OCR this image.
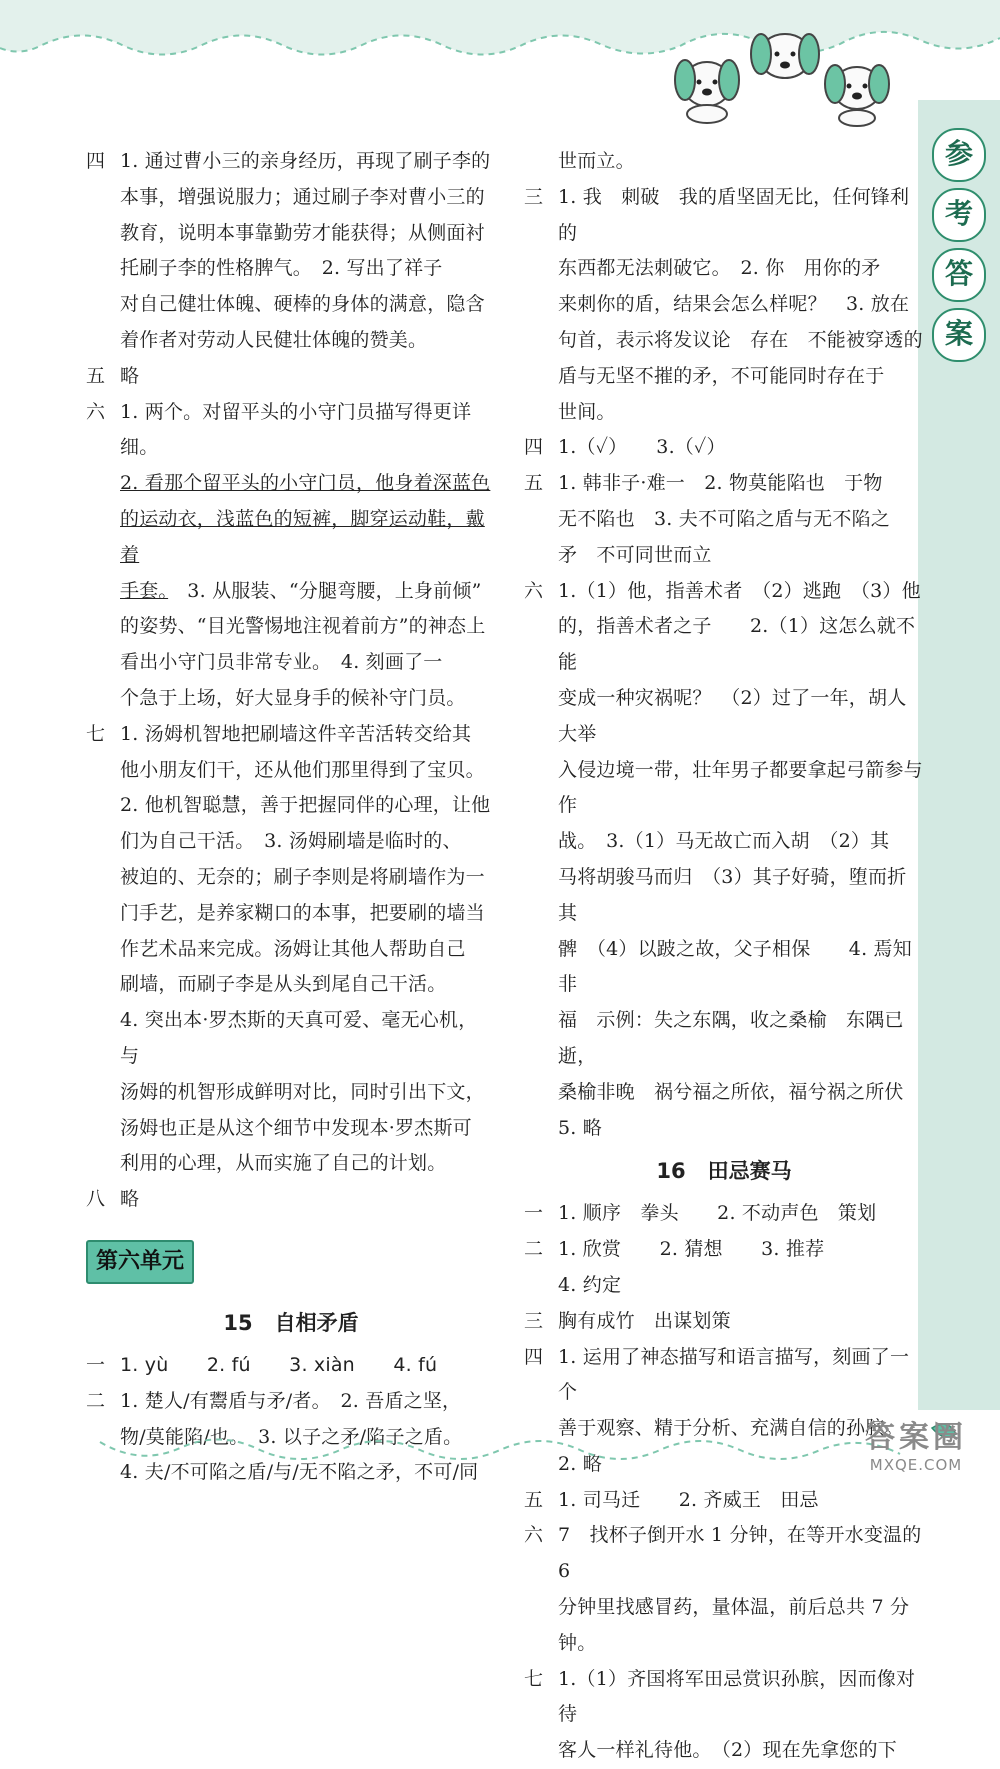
参
考
答
案
四 1. 通过曹小三的亲身经历，再现了刷子李的
本事，增强说服力；通过刷子李对曹小三的
教育，说明本事靠勤劳才能获得；从侧面衬
托刷子李的性格脾气。　2. 写出了祥子
对自己健壮体魄、硬棒的身体的满意，隐含
着作者对劳动人民健壮体魄的赞美。
五 略
六 1. 两个。对留平头的小守门员描写得更详细。
2. 看那个留平头的小守门员，他身着深蓝色
的运动衣，浅蓝色的短裤，脚穿运动鞋，戴着
手套。　3. 从服装、“分腿弯腰，上身前倾”
的姿势、“目光警惕地注视着前方”的神态上
看出小守门员非常专业。　4. 刻画了一
个急于上场，好大显身手的候补守门员。
七 1. 汤姆机智地把刷墙这件辛苦活转交给其
他小朋友们干，还从他们那里得到了宝贝。
2. 他机智聪慧，善于把握同伴的心理，让他
们为自己干活。　3. 汤姆刷墙是临时的、
被迫的、无奈的；刷子李则是将刷墙作为一
门手艺，是养家糊口的本事，把要刷的墙当
作艺术品来完成。汤姆让其他人帮助自己
刷墙，而刷子李是从头到尾自己干活。
4. 突出本·罗杰斯的天真可爱、毫无心机，与
汤姆的机智形成鲜明对比，同时引出下文，
汤姆也正是从这个细节中发现本·罗杰斯可
利用的心理，从而实施了自己的计划。
八 略
第六单元
15 自相矛盾
一 1. yù　　2. fú　　3. xiàn　　4. fú
二 1. 楚人/有鬻盾与矛/者。　2. 吾盾之坚，
物/莫能陷/也。　3. 以子之矛/陷子之盾。
4. 夫/不可陷之盾/与/无不陷之矛，不可/同
世而立。
三 1. 我　刺破　我的盾坚固无比，任何锋利的
东西都无法刺破它。　2. 你　用你的矛
来刺你的盾，结果会怎么样呢？　3. 放在
句首，表示将发议论　存在　不能被穿透的
盾与无坚不摧的矛，不可能同时存在于
世间。
四 1.（✓）　　3.（✓）
五 1. 韩非子·难一　2. 物莫能陷也　于物
无不陷也　3. 夫不可陷之盾与无不陷之
矛　不可同世而立
六 1.（1）他，指善术者　（2）逃跑　（3）他
的，指善术者之子　　2.（1）这怎么就不能
变成一种灾祸呢？　（2）过了一年，胡人大举
入侵边境一带，壮年男子都要拿起弓箭参与作
战。　3.（1）马无故亡而入胡　（2）其
马将胡骏马而归　（3）其子好骑，堕而折其
髀　（4）以跛之故，父子相保　　4. 焉知非
福　示例：失之东隅，收之桑榆　东隅已逝，
桑榆非晚　祸兮福之所依，福兮祸之所伏
5. 略
16 田忌赛马
一 1. 顺序　拳头　　2. 不动声色　策划
二 1. 欣赏　　2. 猜想　　3. 推荐
4. 约定
三 胸有成竹　出谋划策
四 1. 运用了神态描写和语言描写，刻画了一个
善于观察、精于分析、充满自信的孙膑。
2. 略
五 1. 司马迁　　2. 齐威王　田忌
六 7　找杯子倒开水 1 分钟，在等开水变温的 6
分钟里找感冒药，量体温，前后总共 7 分钟。
七 1.（1）齐国将军田忌赏识孙膑，因而像对待
客人一样礼待他。　（2）现在先拿您的下
答案圈
MXQE.COM
